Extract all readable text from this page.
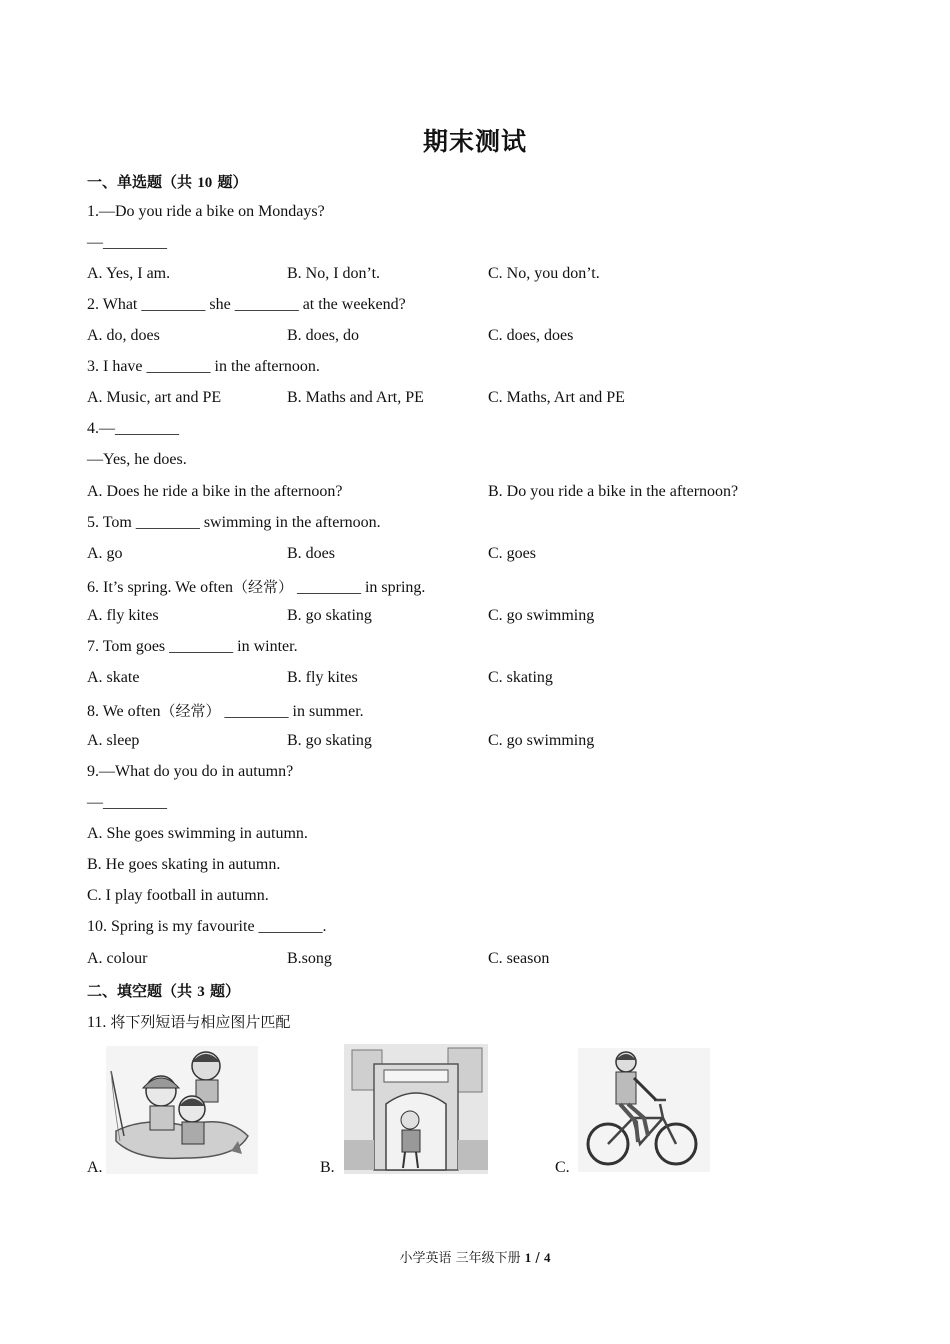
期末测试
一、单选题（共 10 题）
1.—Do you ride a bike on Mondays?
—________
A. Yes, I am.	B. No, I don’t.	C. No, you don’t.
2. What ________ she ________ at the weekend?
A. do, does	B. does, do	C. does, does
3. I have ________ in the afternoon.
A. Music, art and PE	B. Maths and Art, PE	C. Maths, Art and PE
4.—________
—Yes, he does.
A. Does he ride a bike in the afternoon?	B. Do you ride a bike in the afternoon?
5. Tom ________ swimming in the afternoon.
A. go	B. does	C. goes
6. It’s spring. We often（经常） ________ in spring.
A. fly kites	B. go skating	C. go swimming
7. Tom goes ________ in winter.
A. skate	B. fly kites	C. skating
8. We often（经常） ________ in summer.
A. sleep	B. go skating	C. go swimming
9.—What do you do in autumn?
—________
A. She goes swimming in autumn.
B. He goes skating in autumn.
C. I play football in autumn.
10. Spring is my favourite ________.
A. colour	B.song	C. season
二、填空题（共 3 题）
11. 将下列短语与相应图片匹配
A.	B.	C.
小学英语 三年级下册 1 / 4
